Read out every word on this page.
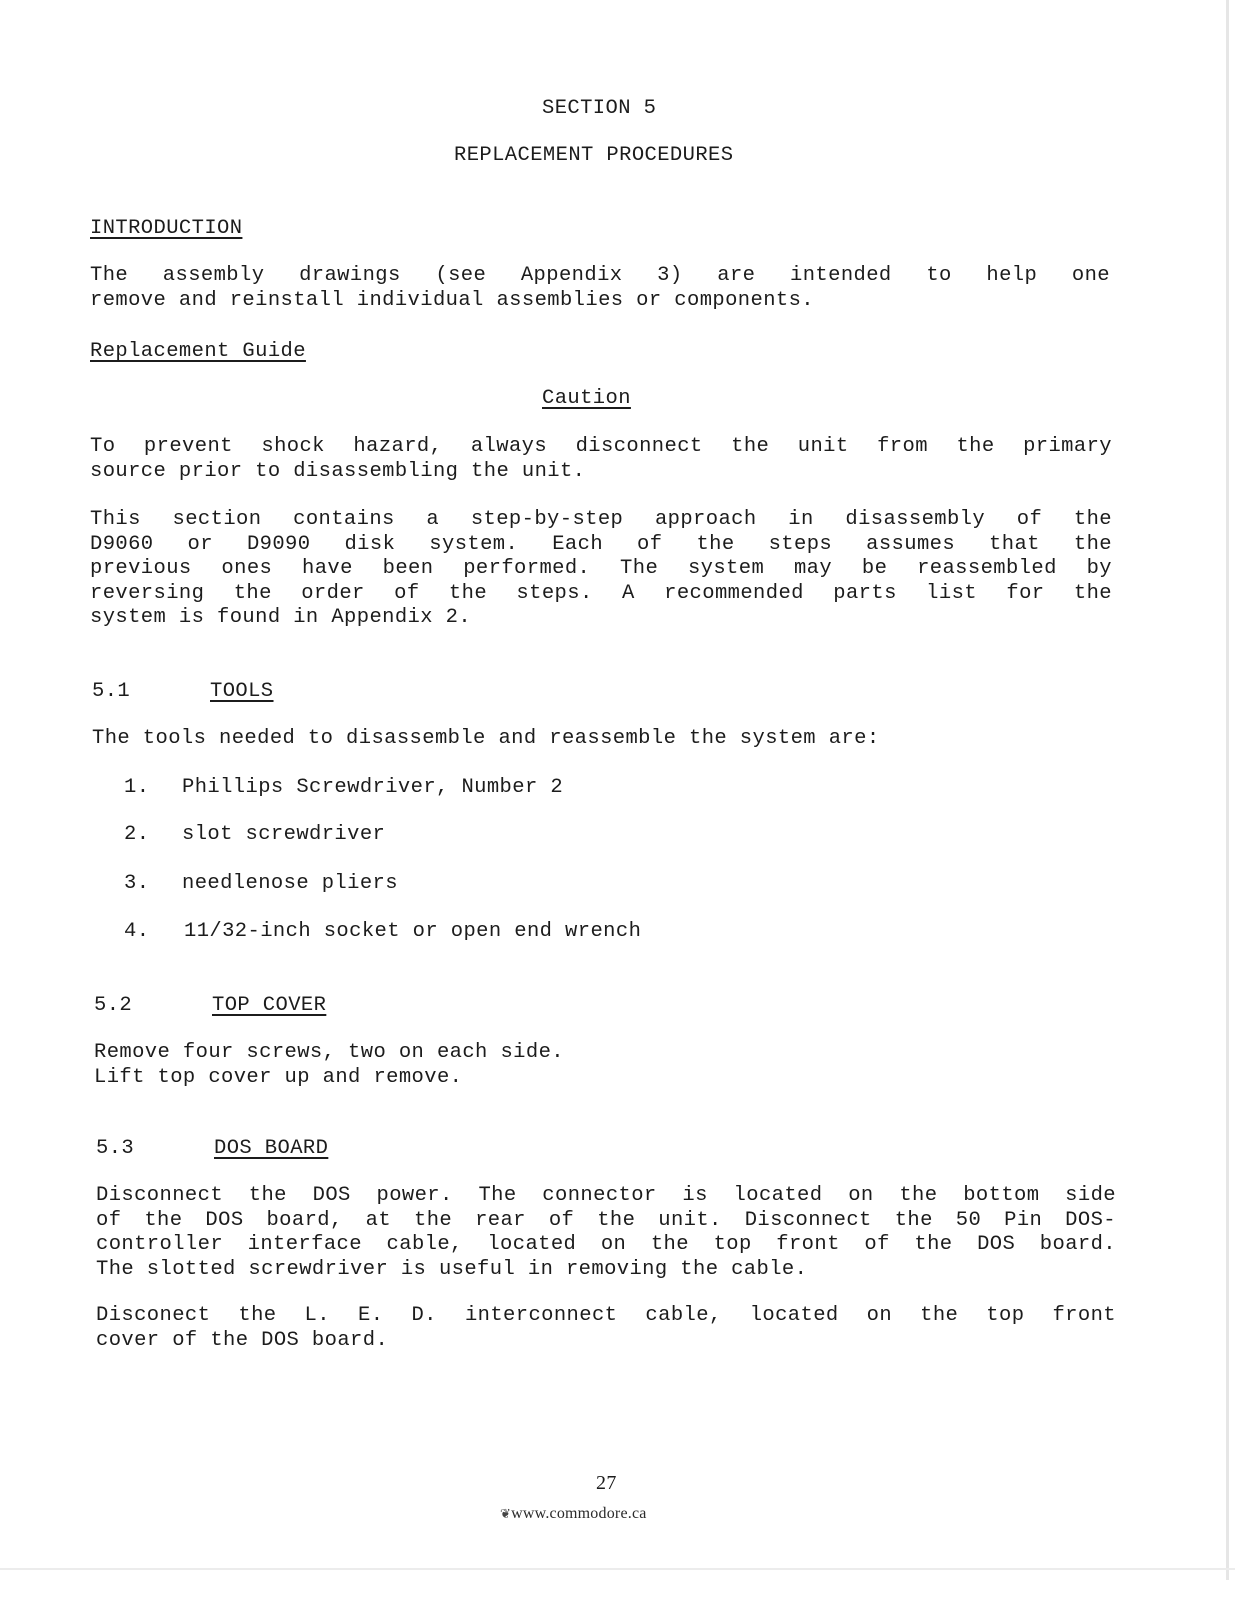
SECTION 5
REPLACEMENT PROCEDURES
INTRODUCTION
The assembly drawings (see Appendix 3) are intended to help one
remove and reinstall individual assemblies or components.
Replacement Guide
Caution
To prevent shock hazard, always disconnect the unit from the primary
source prior to disassembling the unit.
This section contains a step-by-step approach in disassembly of the
D9060 or D9090 disk system. Each of the steps assumes that the
previous ones have been performed. The system may be reassembled by
reversing the order of the steps. A recommended parts list for the
system is found in Appendix 2.
5.1	TOOLS
The tools needed to disassemble and reassemble the system are:
1. Phillips Screwdriver, Number 2
2. slot screwdriver
3. needlenose pliers
4. 11/32-inch socket or open end wrench
5.2	TOP COVER
Remove four screws, two on each side.
Lift top cover up and remove.
5.3	DOS BOARD
Disconnect the DOS power. The connector is located on the bottom side
of the DOS board, at the rear of the unit. Disconnect the 50 Pin DOS-
controller interface cable, located on the top front of the DOS board.
The slotted screwdriver is useful in removing the cable.
Disconect the L. E. D. interconnect cable, located on the top front
cover of the DOS board.
27
❦www.commodore.ca
